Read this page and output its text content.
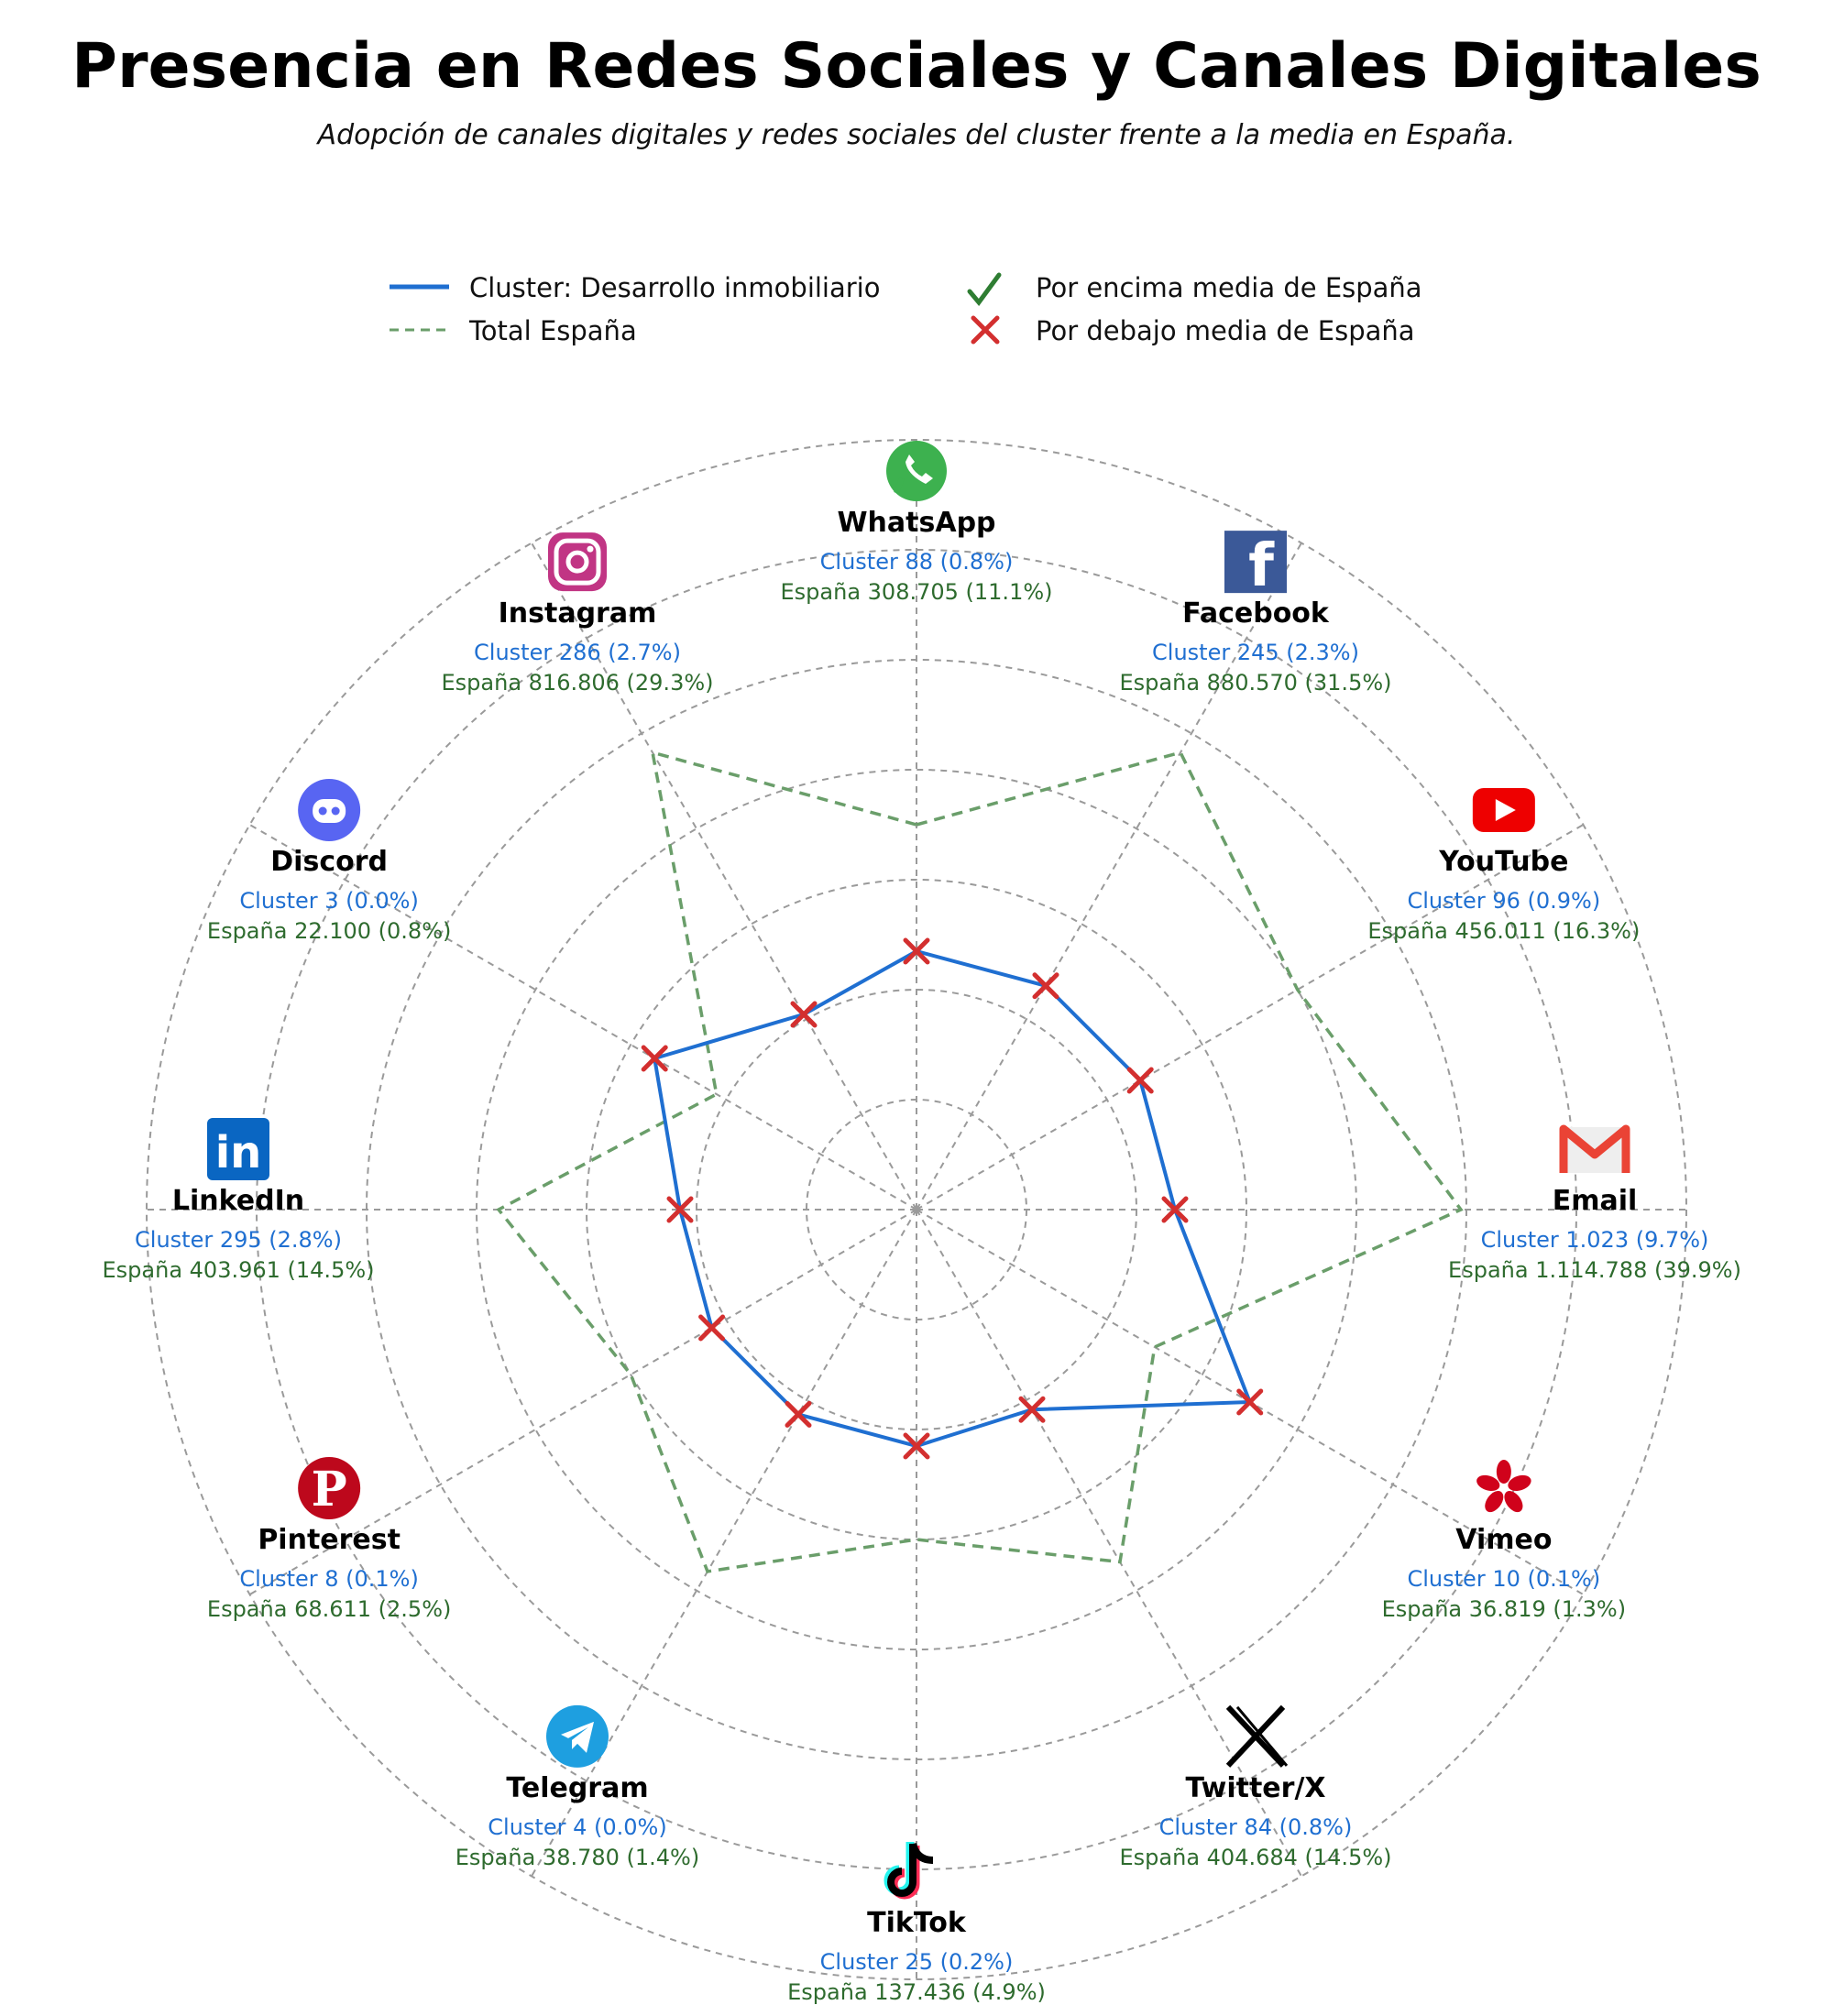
Presencia en Redes Sociales y Canales Digitales
Adopción de canales digitales y redes sociales del cluster frente a la media en España.
Cluster: Desarrollo inmobiliario
Total España
Por encima media de España
Por debajo media de España
WhatsApp
Cluster 88 (0.8%)
España 308.705 (11.1%)	f
Facebook
Cluster 245 (2.3%)
España 880.570 (31.5%)
YouTube
Cluster 96 (0.9%)
España 456.011 (16.3%)
Email
Cluster 1.023 (9.7%)
España 1.114.788 (39.9%)
Vimeo
Cluster 10 (0.1%)
España 36.819 (1.3%)
Twitter/X
Cluster 84 (0.8%)
España 404.684 (14.5%)
TikTok
Cluster 25 (0.2%)
España 137.436 (4.9%)
Telegram
Cluster 4 (0.0%)
España 38.780 (1.4%)
P
Pinterest
Cluster 8 (0.1%)
España 68.611 (2.5%)
in
LinkedIn
Cluster 295 (2.8%)
España 403.961 (14.5%)
Discord
Cluster 3 (0.0%)
España 22.100 (0.8%)
Instagram
Cluster 286 (2.7%)
España 816.806 (29.3%)
